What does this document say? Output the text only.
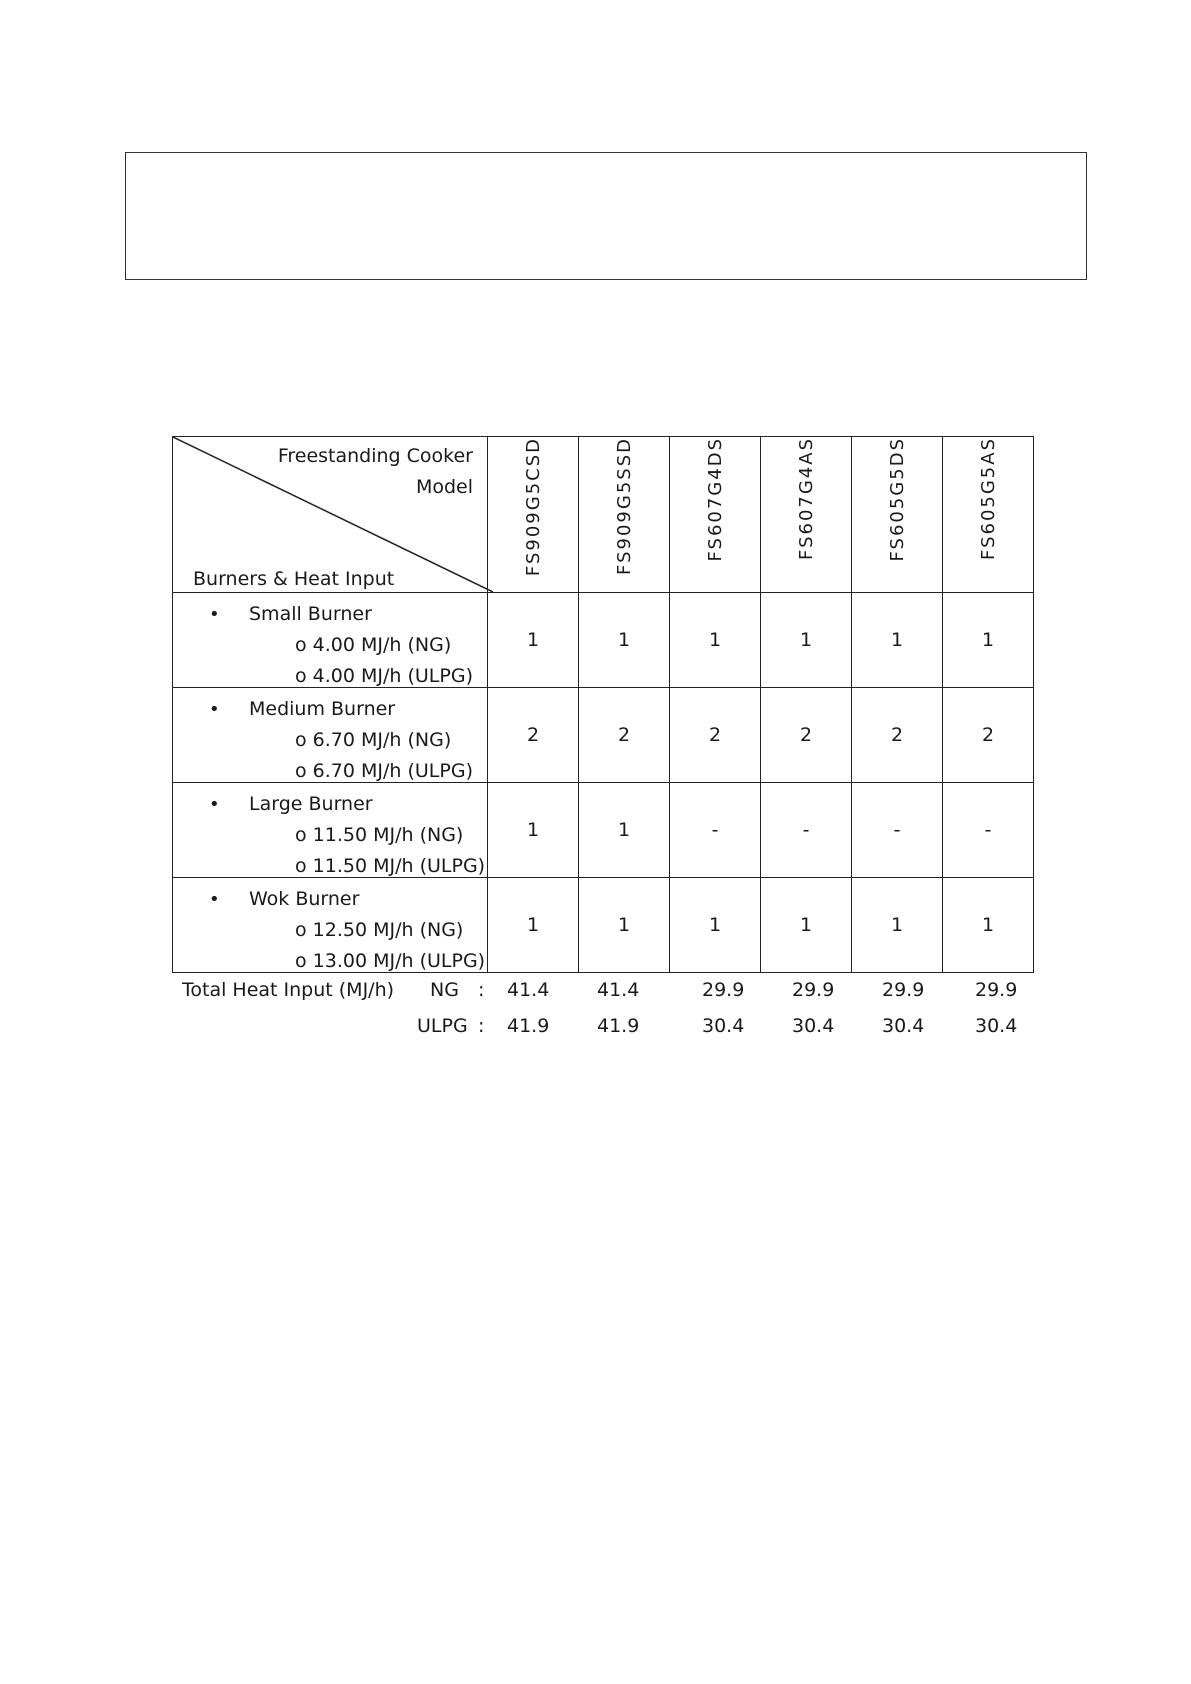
Freestanding Cooker
Model
Burners & Heat Input	FS909G5CSD	FS909G5SSD	FS607G4DS	FS607G4AS	FS605G5DS	FS605G5AS

• Small Burner
o 4.00 MJ/h (NG)
o 4.00 MJ/h (ULPG)	1	1	1	1	1	1

• Medium Burner
o 6.70 MJ/h (NG)
o 6.70 MJ/h (ULPG)	2	2	2	2	2	2

• Large Burner
o 11.50 MJ/h (NG)
o 11.50 MJ/h (ULPG)	1	1	-	-	-	-

• Wok Burner
o 12.50 MJ/h (NG)
o 13.00 MJ/h (ULPG)	1	1	1	1	1	1
Total Heat Input (MJ/h) NG : 41.4	41.4	29.9	29.9	29.9	29.9
ULPG : 41.9	41.9	30.4	30.4	30.4	30.4
